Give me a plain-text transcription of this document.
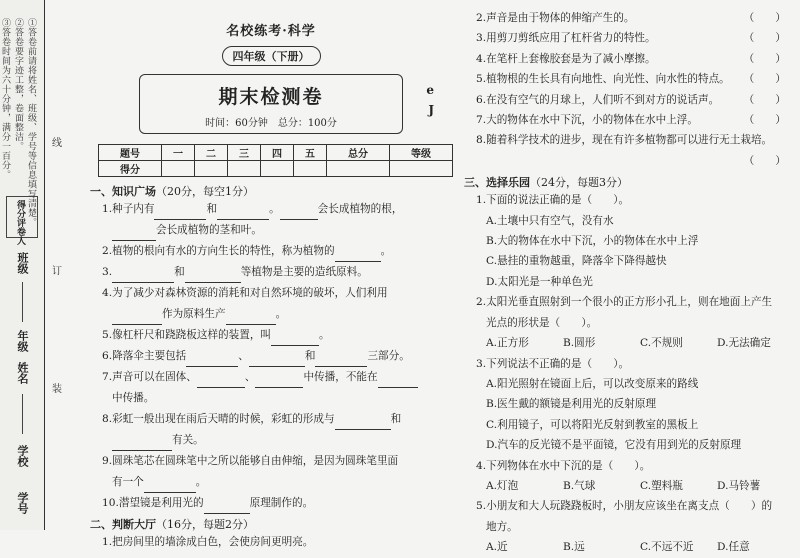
①答卷前请将姓名、班级、学号等信息填写清楚。
②答卷要字迹工整，卷面整洁。
③答卷时间为六十分钟，满分一百分。
得分评卷人
班级
年级
姓名
学校
学号
线
订
装
名校练考·科学
四年级（下册）
期末检测卷
时间：60分钟　总分：100分
e
J
题号	一	二	三	四	五	总分	等级
得分							
一、知识广场（20分，每空1分）
1.种子内有	和	。	会长成植物的根，
会长成植物的茎和叶。
2.植物的根向有水的方向生长的特性，称为植物的	。
3.	和	等植物是主要的造纸原料。
4.为了减少对森林资源的消耗和对自然环境的破坏，人们利用
作为原料生产	。
5.像杠杆尺和跷跷板这样的装置，叫	。
6.降落伞主要包括	、	和	三部分。
7.声音可以在固体、	、	中传播，不能在
中传播。
8.彩虹一般出现在雨后天晴的时候，彩虹的形成与	和
有关。
9.圆珠笔芯在圆珠笔中之所以能够自由伸缩，是因为圆珠笔里面
有一个	。
10.潜望镜是利用光的	原理制作的。
二、判断大厅（16分，每题2分）
1.把房间里的墙涂成白色，会使房间更明亮。
2.声音是由于物体的伸缩产生的。	（　　）
3.用剪刀剪纸应用了杠杆省力的特性。	（　　）
4.在笔杆上套橡胶套是为了减小摩擦。	（　　）
5.植物根的生长具有向地性、向光性、向水性的特点。 （　　）
6.在没有空气的月球上，人们听不到对方的说话声。 （　　）
7.大的物体在水中下沉，小的物体在水中上浮。	（　　）
8.随着科学技术的进步，现在有许多植物都可以进行无土栽培。

（　　）
三、选择乐园（24分，每题3分）
1.下面的说法正确的是（　　）。
A.土壤中只有空气，没有水
B.大的物体在水中下沉，小的物体在水中上浮
C.悬挂的重物越重，降落伞下降得越快
D.太阳光是一种单色光
2.太阳光垂直照射到一个很小的正方形小孔上，则在地面上产生
光点的形状是（　　）。
A.正方形	B.圆形	C.不规则	D.无法确定
3.下列说法不正确的是（　　）。
A.阳光照射在镜面上后，可以改变原来的路线
B.医生戴的额镜是利用光的反射原理
C.利用镜子，可以将阳光反射到教室的黑板上
D.汽车的反光镜不是平面镜，它没有用到光的反射原理
4.下列物体在水中下沉的是（　　）。
A.灯泡	B.气球	C.塑料瓶	D.马铃薯
5.小朋友和大人玩跷跷板时，小朋友应该坐在离支点（　　）的
地方。
A.近	B.远	C.不远不近	D.任意
